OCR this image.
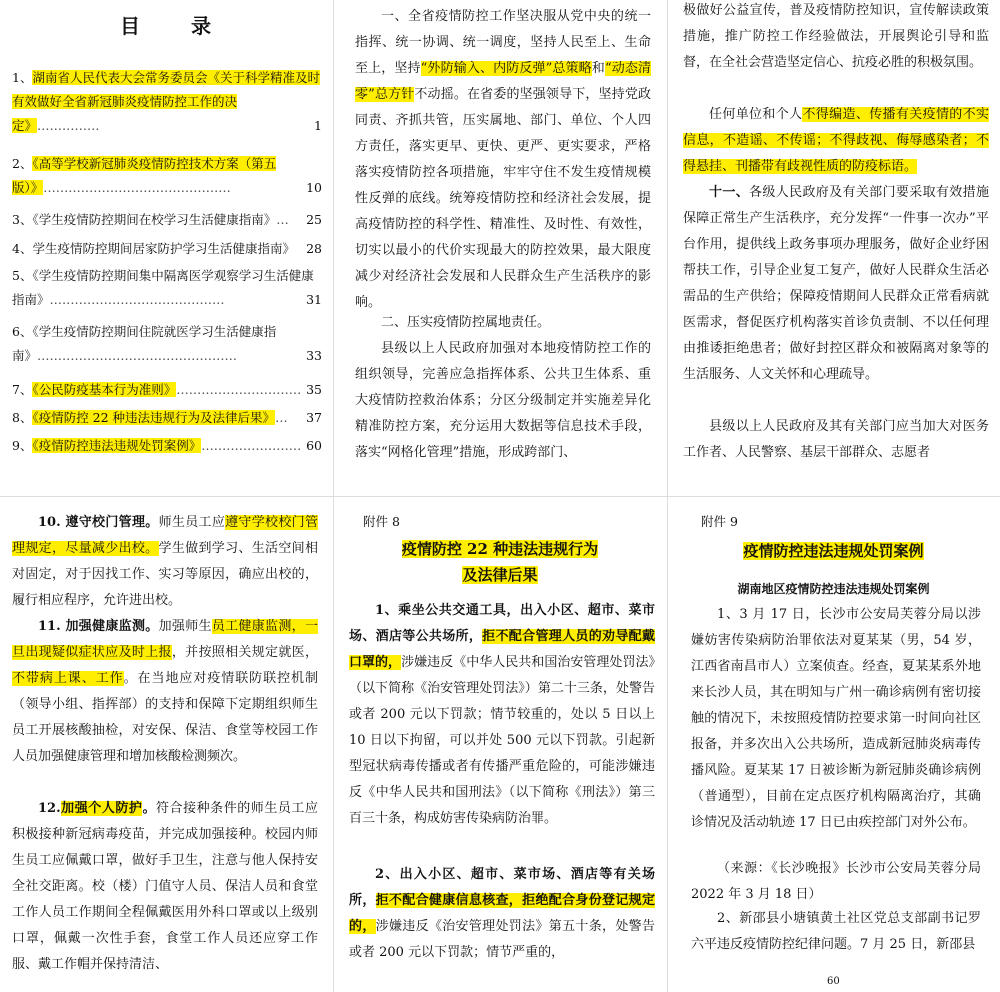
目 录
1、湖南省人民代表大会常务委员会《关于科学精准及时有效做好全省新冠肺炎疫情防控工作的决定》……………	1
2、《高等学校新冠肺炎疫情防控技术方案（第五版）》………………………………………	10
3、《学生疫情防控期间在校学习生活健康指南》… 25
4、学生疫情防控期间居家防护学习生活健康指南》 28
5、《学生疫情防控期间集中隔离医学观察学习生活健康指南》……………………………………	31
6、《学生疫情防控期间住院就医学习生活健康指南》…………………………………………	33
7、《公民防疫基本行为准则》………………………… 35
8、《疫情防控 22 种违法违规行为及法律后果》… 37
9、《疫情防控违法违规处罚案例》…………………… 60
一、全省疫情防控工作坚决服从党中央的统一指挥、统一协调、统一调度，坚持人民至上、生命至上，坚持“外防输入、内防反弹”总策略和“动态清零”总方针不动摇。在省委的坚强领导下，坚持党政同责、齐抓共管，压实属地、部门、单位、个人四方责任，落实更早、更快、更严、更实要求，严格落实疫情防控各项措施，牢牢守住不发生疫情规模性反弹的底线。统筹疫情防控和经济社会发展，提高疫情防控的科学性、精准性、及时性、有效性，切实以最小的代价实现最大的防控效果，最大限度减少对经济社会发展和人民群众生产生活秩序的影响。
二、压实疫情防控属地责任。
县级以上人民政府加强对本地疫情防控工作的组织领导，完善应急指挥体系、公共卫生体系、重大疫情防控救治体系；分区分级制定并实施差异化精准防控方案，充分运用大数据等信息技术手段，落实“网格化管理”措施，形成跨部门、
极做好公益宣传，普及疫情防控知识，宣传解读政策措施，推广防控工作经验做法，开展舆论引导和监督，在全社会营造坚定信心、抗疫必胜的积极氛围。
任何单位和个人不得编造、传播有关疫情的不实信息，不造谣、不传谣；不得歧视、侮辱感染者；不得悬挂、刊播带有歧视性质的防疫标语。
十一、各级人民政府及有关部门要采取有效措施保障正常生产生活秩序，充分发挥“一件事一次办”平台作用，提供线上政务事项办理服务，做好企业纾困帮扶工作，引导企业复工复产，做好人民群众生活必需品的生产供给；保障疫情期间人民群众正常看病就医需求，督促医疗机构落实首诊负责制、不以任何理由推诿拒绝患者；做好封控区群众和被隔离对象等的生活服务、人文关怀和心理疏导。
县级以上人民政府及其有关部门应当加大对医务工作者、人民警察、基层干部群众、志愿者
10. 遵守校门管理。师生员工应遵守学校校门管理规定，尽量减少出校。学生做到学习、生活空间相对固定，对于因找工作、实习等原因，确应出校的，履行相应程序，允许进出校。
11. 加强健康监测。加强师生员工健康监测，一旦出现疑似症状应及时上报，并按照相关规定就医，不带病上课、工作。在当地应对疫情联防联控机制（领导小组、指挥部）的支持和保障下定期组织师生员工开展核酸抽检，对安保、保洁、食堂等校园工作人员加强健康管理和增加核酸检测频次。
12.加强个人防护。符合接种条件的师生员工应积极接种新冠病毒疫苗，并完成加强接种。校园内师生员工应佩戴口罩，做好手卫生，注意与他人保持安全社交距离。校（楼）门值守人员、保洁人员和食堂工作人员工作期间全程佩戴医用外科口罩或以上级别口罩，佩戴一次性手套，食堂工作人员还应穿工作服、戴工作帽并保持清洁、
附件 8
疫情防控 22 种违法违规行为
及法律后果
1、乘坐公共交通工具，出入小区、超市、菜市场、酒店等公共场所，拒不配合管理人员的劝导配戴口罩的，涉嫌违反《中华人民共和国治安管理处罚法》（以下简称《治安管理处罚法》）第二十三条，处警告或者 200 元以下罚款；情节较重的，处以 5 日以上 10 日以下拘留，可以并处 500 元以下罚款。引起新型冠状病毒传播或者有传播严重危险的，可能涉嫌违反《中华人民共和国刑法》（以下简称《刑法》）第三百三十条，构成妨害传染病防治罪。
2、出入小区、超市、菜市场、酒店等有关场所，拒不配合健康信息核查，拒绝配合身份登记规定的，涉嫌违反《治安管理处罚法》第五十条，处警告或者 200 元以下罚款；情节严重的，
附件 9
疫情防控违法违规处罚案例
湖南地区疫情防控违法违规处罚案例
1、3 月 17 日，长沙市公安局芙蓉分局以涉嫌妨害传染病防治罪依法对夏某某（男，54 岁，江西省南昌市人）立案侦查。经查，夏某某系外地来长沙人员，其在明知与广州一确诊病例有密切接触的情况下，未按照疫情防控要求第一时间向社区报备，并多次出入公共场所，造成新冠肺炎病毒传播风险。夏某某 17 日被诊断为新冠肺炎确诊病例（普通型），目前在定点医疗机构隔离治疗，其确诊情况及活动轨迹 17 日已由疾控部门对外公布。
（来源：《长沙晚报》长沙市公安局芙蓉分局 2022 年 3 月 18 日）
2、新邵县小塘镇黄土社区党总支部副书记罗六平违反疫情防控纪律问题。7 月 25 日，新邵县
60
